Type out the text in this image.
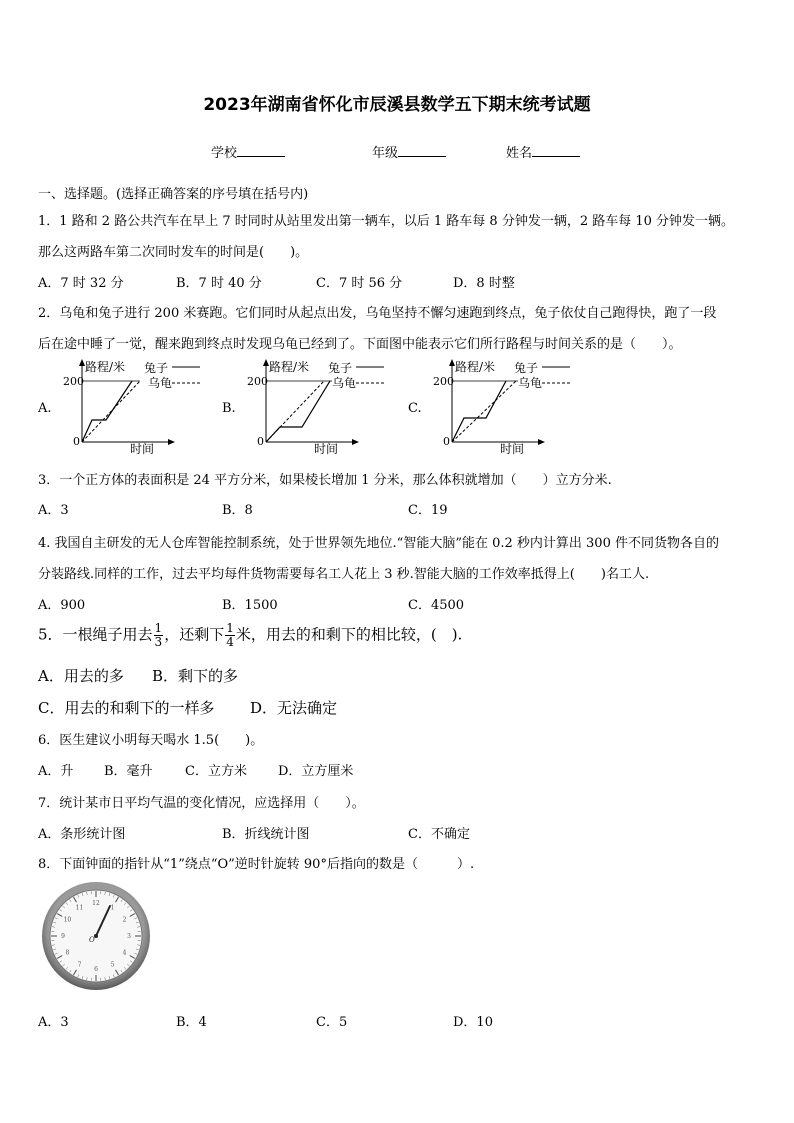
2023年湖南省怀化市辰溪县数学五下期末统考试题
学校	年级	姓名
一、选择题。(选择正确答案的序号填在括号内)
1．1 路和 2 路公共汽车在早上 7 时同时从站里发出第一辆车，以后 1 路车每 8 分钟发一辆，2 路车每 10 分钟发一辆。
那么这两路车第二次同时发车的时间是(　　)。
A．7 时 32 分	B．7 时 40 分	C．7 时 56 分	D．8 时整
2．乌龟和兔子进行 200 米赛跑。它们同时从起点出发，乌龟坚持不懈匀速跑到终点，兔子依仗自己跑得快，跑了一段
后在途中睡了一觉，醒来跑到终点时发现乌龟已经到了。下面图中能表示它们所行路程与时间关系的是（　　）。
A.	B.	C.
路程/米
200
0
时间
兔子
乌龟
路程/米
200
0
时间
兔子
乌龟
路程/米
200
0
时间
兔子
乌龟
3．一个正方体的表面积是 24 平方分米，如果棱长增加 1 分米，那么体积就增加（　　）立方分米.
A．3	B．8	C．19
4. 我国自主研发的无人仓库智能控制系统，处于世界领先地位.“智能大脑”能在 0.2 秒内计算出 300 件不同货物各自的
分装路线.同样的工作，过去平均每件货物需要每名工人花上 3 秒.智能大脑的工作效率抵得上(　　)名工人.
A．900	B．1500	C．4500
5．一根绳子用去 $\frac{1}{3}$ ，还剩下 $\frac{1}{4}$ 米，用去的和剩下的相比较，(　).
A．用去的多 B．剩下的多
C．用去的和剩下的一样多 D．无法确定
6．医生建议小明每天喝水 1.5(　　)。
A．升 B．毫升 C．立方米 D．立方厘米
7．统计某市日平均气温的变化情况，应选择用（　　）。
A．条形统计图	B．折线统计图	C．不确定
8．下面钟面的指针从“1”绕点“O”逆时针旋转 90°后指向的数是（　　　）.
1
2
3
4
5
6
7
8
9
10
11
12
O
A．3	B．4	C．5	D．10
